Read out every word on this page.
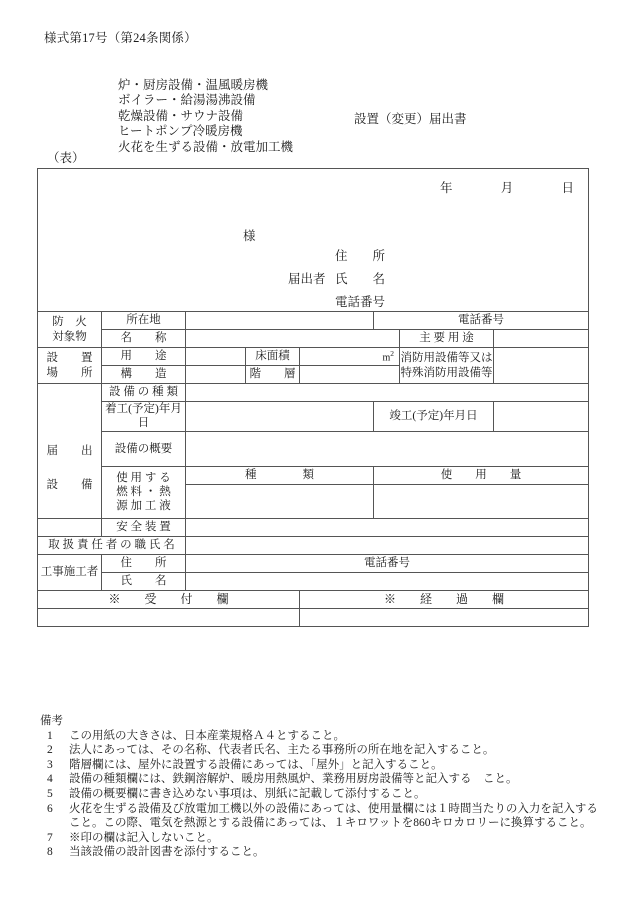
様式第17号（第24条関係）
炉・厨房設備・温風暖房機
ボイラー・給湯湯沸設備
乾燥設備・サウナ設備
ヒートポンプ冷暖房機
火花を生ずる設備・放電加工機
設置（変更）届出書
（表）
年	月	日
様
届出者
住　　所
氏　　名
電話番号

防　火
対象物	所在地				電話番号		
	名　　称					主 要 用 途	

設　　置
場　　所
	用　　途		床面積	$m^2$	消防用設備等又は
特殊消防用設備等

	構　　造		階　　層				

届　　出
設　　備	設 備 の 種 類						
	着工(予定)年月日				竣工(予定)年月日		
	設備の概要						

	使 用 す る
燃 料 ・ 熱
源 加 工 液	種　　　　類			使　　用　　量		

	安 全 装 置						
取 扱 責 任 者 の 職 氏 名							
工事施工者	住　　所	電話番号					
	氏　　名						
※　　受　　付　　欄				※　　経　　過　　欄			

備考
1	この用紙の大きさは、日本産業規格Ａ４とすること。
2	法人にあっては、その名称、代表者氏名、主たる事務所の所在地を記入すること。
3	階層欄には、屋外に設置する設備にあっては、「屋外」と記入すること。
4	設備の種類欄には、鉄鋼溶解炉、暖房用熱風炉、業務用厨房設備等と記入する　こと。
5	設備の概要欄に書き込めない事項は、別紙に記載して添付すること。
6	火花を生ずる設備及び放電加工機以外の設備にあっては、使用量欄には１時間当たりの入力を記入すること。この際、電気を熱源とする設備にあっては、１キロワットを860キロカロリーに換算すること。
7	※印の欄は記入しないこと。
8	当該設備の設計図書を添付すること。
